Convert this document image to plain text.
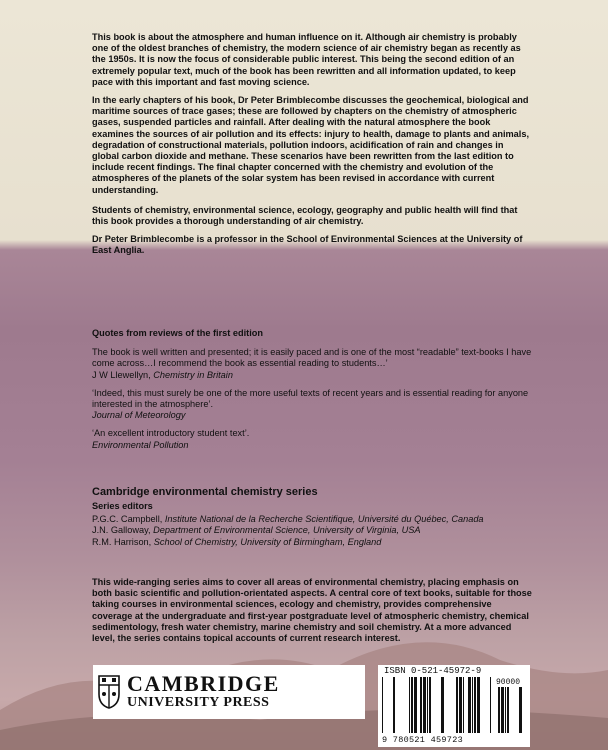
This book is about the atmosphere and human influence on it. Although air chemistry is probably one of the oldest branches of chemistry, the modern science of air chemistry began as recently as the 1950s. It is now the focus of considerable public interest. This being the second edition of an extremely popular text, much of the book has been rewritten and all information updated, to keep pace with this important and fast moving science.

In the early chapters of his book, Dr Peter Brimblecombe discusses the geochemical, biological and maritime sources of trace gases; these are followed by chapters on the chemistry of atmospheric gases, suspended particles and rainfall. After dealing with the natural atmosphere the book examines the sources of air pollution and its effects: injury to health, damage to plants and animals, degradation of constructional materials, pollution indoors, acidification of rain and changes in global carbon dioxide and methane. These scenarios have been rewritten from the last edition to include recent findings. The final chapter concerned with the chemistry and evolution of the atmospheres of the planets of the solar system has been revised in accordance with current understanding.

Students of chemistry, environmental science, ecology, geography and public health will find that this book provides a thorough understanding of air chemistry.

Dr Peter Brimblecombe is a professor in the School of Environmental Sciences at the University of East Anglia.

Quotes from reviews of the first edition

The book is well written and presented; it is easily paced and is one of the most “readable” text-books I have come across…I recommend the book as essential reading to students…’
J W Llewellyn, Chemistry in Britain

‘Indeed, this must surely be one of the more useful texts of recent years and is essential reading for anyone interested in the atmosphere’.
Journal of Meteorology

‘An excellent introductory student text’.
Environmental Pollution

Cambridge environmental chemistry series

Series editors

P.G.C. Campbell, Institute National de la Recherche Scientifique, Université du Québec, Canada

J.N. Galloway, Department of Environmental Science, University of Virginia, USA

R.M. Harrison, School of Chemistry, University of Birmingham, England

This wide-ranging series aims to cover all areas of environmental chemistry, placing emphasis on both basic scientific and pollution-orientated aspects. A central core of text books, suitable for those taking courses in environmental sciences, ecology and chemistry, provides comprehensive coverage at the undergraduate and first-year postgraduate level of atmospheric chemistry, chemical sedimentology, fresh water chemistry, marine chemistry and soil chemistry. At a more advanced level, the series contains topical accounts of current research interest.

CAMBRIDGE
UNIVERSITY PRESS
ISBN 0-521-45972-9
90000
9 780521 459723
